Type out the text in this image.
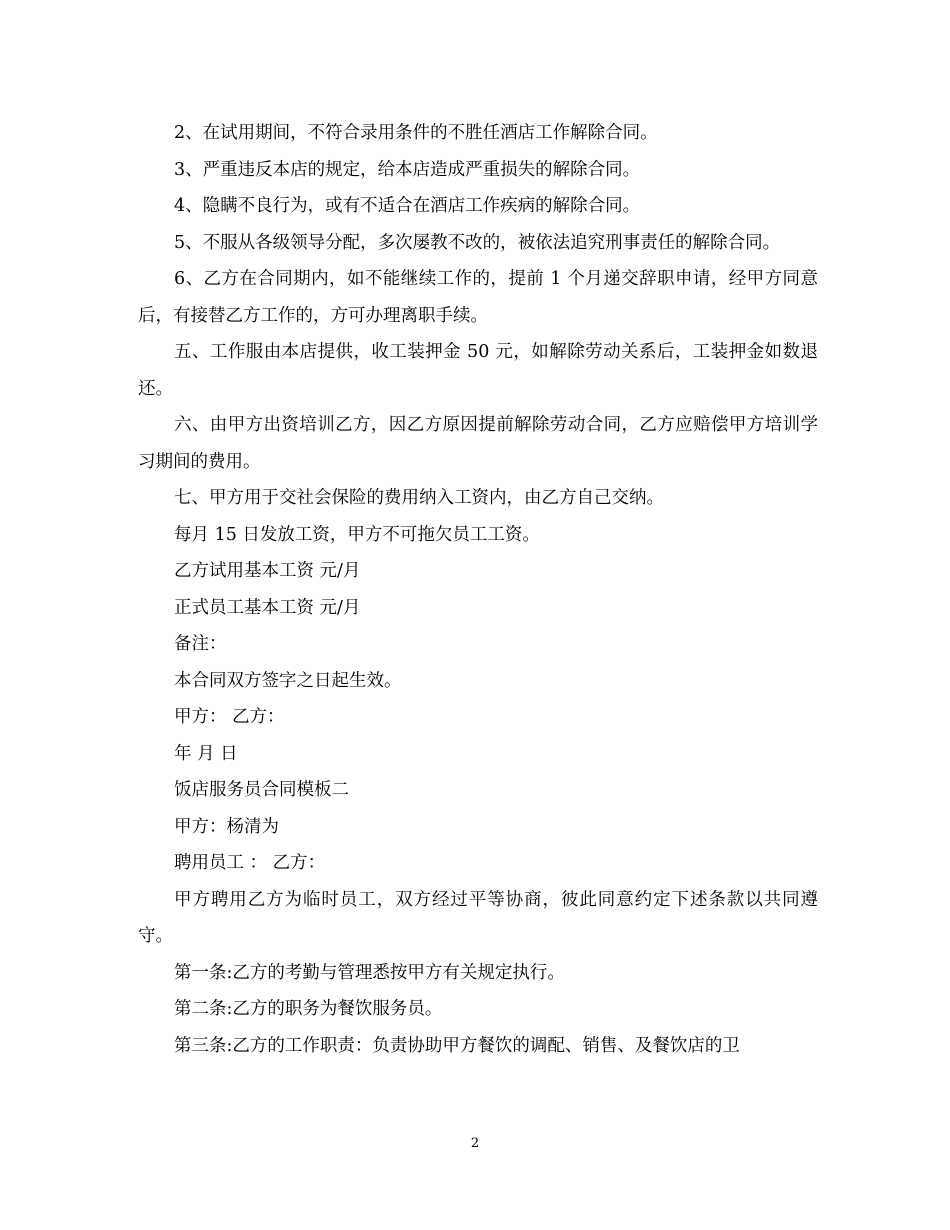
2、在试用期间，不符合录用条件的不胜任酒店工作解除合同。

3、严重违反本店的规定，给本店造成严重损失的解除合同。

4、隐瞒不良行为，或有不适合在酒店工作疾病的解除合同。

5、不服从各级领导分配，多次屡教不改的，被依法追究刑事责任的解除合同。

6、乙方在合同期内，如不能继续工作的，提前 1 个月递交辞职申请，经甲方同意后，有接替乙方工作的，方可办理离职手续。

五、工作服由本店提供，收工装押金 50 元，如解除劳动关系后，工装押金如数退还。

六、由甲方出资培训乙方，因乙方原因提前解除劳动合同，乙方应赔偿甲方培训学习期间的费用。

七、甲方用于交社会保险的费用纳入工资内，由乙方自己交纳。

每月 15 日发放工资，甲方不可拖欠员工工资。

乙方试用基本工资 元/月

正式员工基本工资 元/月

备注：

本合同双方签字之日起生效。

甲方： 乙方：

年 月 日

饭店服务员合同模板二

甲方：杨清为

聘用员工 ： 乙方：

甲方聘用乙方为临时员工，双方经过平等协商，彼此同意约定下述条款以共同遵守。

第一条:乙方的考勤与管理悉按甲方有关规定执行。

第二条:乙方的职务为餐饮服务员。

第三条:乙方的工作职责：负责协助甲方餐饮的调配、销售、及餐饮店的卫

2
